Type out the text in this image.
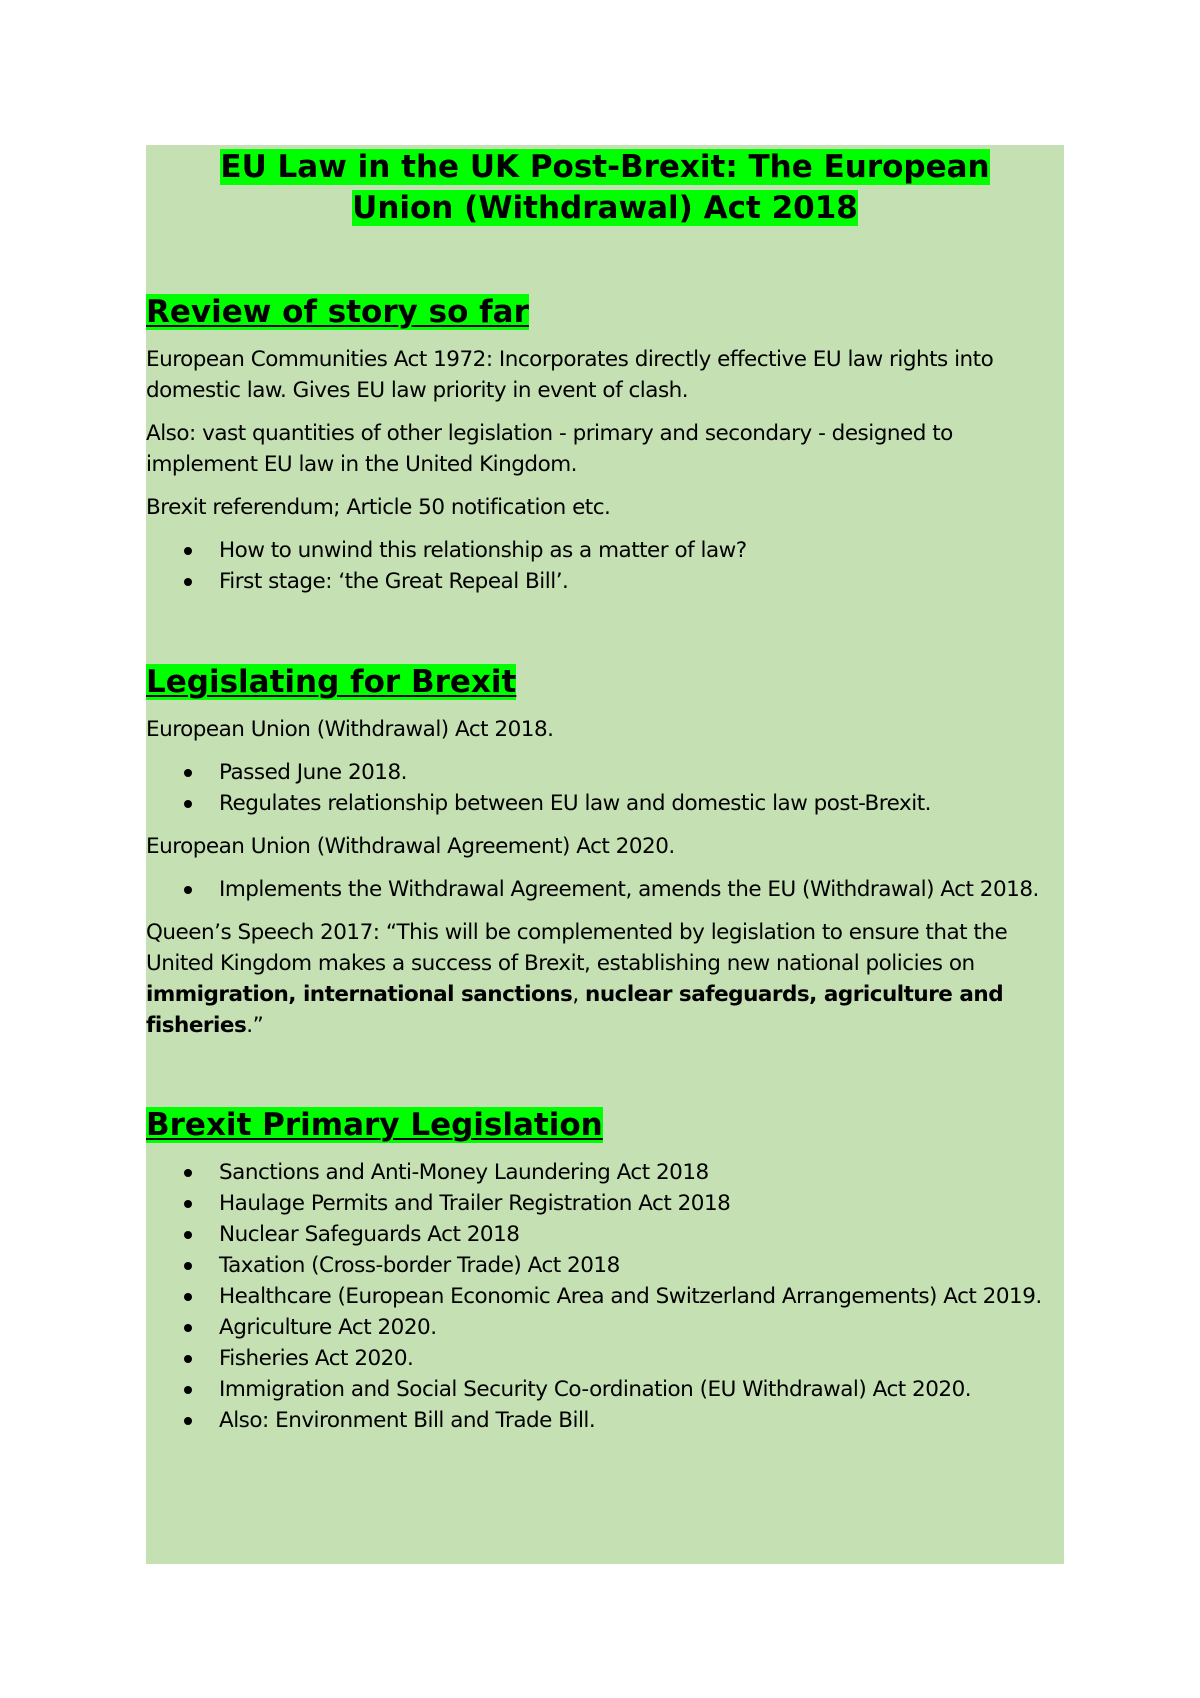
EU Law in the UK Post-Brexit: The European
Union (Withdrawal) Act 2018
Review of story so far

European Communities Act 1972: Incorporates directly effective EU law rights into domestic law. Gives EU law priority in event of clash.

Also: vast quantities of other legislation - primary and secondary - designed to implement EU law in the United Kingdom.

Brexit referendum; Article 50 notification etc.

How to unwind this relationship as a matter of law?
First stage: ‘the Great Repeal Bill’.
Legislating for Brexit

European Union (Withdrawal) Act 2018.

Passed June 2018.
Regulates relationship between EU law and domestic law post-Brexit.

European Union (Withdrawal Agreement) Act 2020.

Implements the Withdrawal Agreement, amends the EU (Withdrawal) Act 2018.

Queen’s Speech 2017: “This will be complemented by legislation to ensure that the United Kingdom makes a success of Brexit, establishing new national policies on immigration, international sanctions, nuclear safeguards, agriculture and fisheries.”

Brexit Primary Legislation
Sanctions and Anti-Money Laundering Act 2018
Haulage Permits and Trailer Registration Act 2018
Nuclear Safeguards Act 2018
Taxation (Cross-border Trade) Act 2018
Healthcare (European Economic Area and Switzerland Arrangements) Act 2019.
Agriculture Act 2020.
Fisheries Act 2020.
Immigration and Social Security Co-ordination (EU Withdrawal) Act 2020.
Also: Environment Bill and Trade Bill.
